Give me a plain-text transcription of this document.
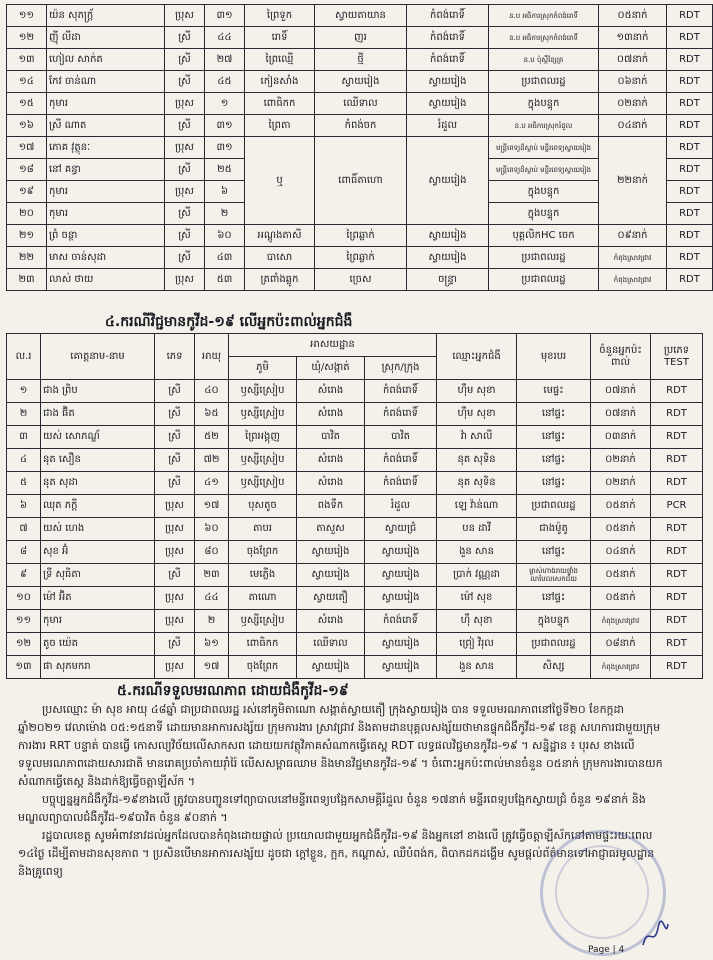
១១	យ៉ន សុភក្ត្រ័	ប្រុស	៣១	ព្រៃទួក	ស្វាយតាយាន	កំពង់រោទិ៍	ន.ប អធិការស្រុកកំពង់រោទិ៍	០៥នាក់	RDT
១២	ញ៉ី លីដា	ស្រី	៤៤	រោទិ៍	ញរ	កំពង់រោទិ៍	ន.ប អធិការស្រុកកំពង់រោទិ៍	១៣នាក់	RDT
១៣	ហៀល សាក់ត	ស្រី	២៧	ព្រៃឈ្មើ	ថ្មី	កំពង់រោទិ៍	ន.ប ប៉ុស្តិ៍ខ្សែត្រ	០៧នាក់	RDT
១៤	កែវ ចាន់ណា	ស្រី	៤៥	កៀនសាំង	ស្វាយរៀង	ស្វាយរៀង	ប្រជាពលរដ្ឋ	០៦នាក់	RDT
១៥	កុមារ	ប្រុស	១	ពោធិកក	ឈើទាល	ស្វាយរៀង	ក្នុងបន្ទុក	០២នាក់	RDT
១៦	ស្រី ណាត	ស្រី	៣១	ព្រៃតា	កំពង់ចក	រំដួល	ន.ប អធិការស្រុករំដួល	០៤នាក់	RDT
១៧	ភោគ វុត្ថុនៈ	ប្រុស	៣១	ឬ	ពោធិ៍តាហោ	ស្វាយរៀង	មន្ត្រីពេទ្យដ៏ស្លាប់ មន្ទីរពេទ្យស្វាយរៀង	២២នាក់	RDT
១៨	នៅ គន្ធា	ស្រី	២៥				មន្ត្រីពេទ្យដ៏ស្លាប់ មន្ទីរពេទ្យស្វាយរៀង		RDT
១៩	កុមារ	ប្រុស	៦				ក្នុងបន្ទុក		RDT
២០	កុមារ	ស្រី	២				ក្នុងបន្ទុក		RDT
២១	ព្រំ ចន្ថា	ស្រី	៦០	អណ្តូងតាសី	ព្រៃឆ្លាក់	ស្វាយរៀង	បុគ្គលិកHC ចេក	០៩នាក់	RDT
២២	មាស ចាន់សុដា	ស្រី	៤៣	បាសោ	ព្រៃឆ្លាក់	ស្វាយរៀង	ប្រជាពលរដ្ឋ	កំពុងស្រាវជ្រាវ	RDT
២៣	លាស់ ថាយ	ប្រុស	៥៣	ត្រពាំងឆ្លូក	ច្រេស	ចន្ទ្រា	ប្រជាពលរដ្ឋ	កំពុងស្រាវជ្រាវ	RDT
៤.ករណីវិជ្ជមានកូវីដ-១៩ លើអ្នកប៉ះពាល់អ្នកជំងឺ
ល.រ	គោត្តនាម-នាម	ភេទ	អាយុ	អាសយដ្ឋាន			ឈ្មោះអ្នកជំងឺ	មុខរបរ	ចំនួនអ្នកប៉ះពាល់	ប្រភេទ TEST
				ភូមិ	ឃុំ/សង្កាត់	ស្រុក/ក្រុង				
១	ជាង ព្រិប	ស្រី	៤០	ឫស្សីស្រៀប	សំរោង	កំពង់រោទិ៍	ហ៊ឹម សុខា	មេផ្ទះ	០៧នាក់	RDT
២	ជាង ផ៊ិត	ស្រី	៦៥	ឫស្សីស្រៀប	សំរោង	កំពង់រោទិ៍	ហ៊ឹម សុខា	នៅផ្ទះ	០៧នាក់	RDT
៣	យស់ សោភណ្ឌ័	ស្រី	៥២	ព្រៃអង្គុញ	បាវិត	បាវិត	វ៉ា សាលី	នៅផ្ទះ	០៣នាក់	RDT
៤	នុត សឿន	ស្រី	៧២	ឫស្សីស្រៀប	សំរោង	កំពង់រោទិ៍	នុត សុទិន	នៅផ្ទះ	០២នាក់	RDT
៥	នុត សុដា	ស្រី	៤១	ឫស្សីស្រៀប	សំរោង	កំពង់រោទិ៍	នុត សុទិន	នៅផ្ទះ	០២នាក់	RDT
៦	ឈុត ភក្ដី	ប្រុស	១៧	បុសតូច	ពងទឹក	រំដួល	ឡេ វ៉ាន់ណា	ប្រជាពលរដ្ឋ	០៥នាក់	PCR
៧	យស់ ហេង	ប្រុស	៦០	តាបរ	តាសួស	ស្វាយជ្រំ	បន ដាវី	ជាងម៉ូតូ	០៥នាក់	RDT
៨	សុខ អ៊ំ	ប្រុស	៨០	ចុងព្រែក	ស្វាយរៀង	ស្វាយរៀង	ងួន សាន	នៅផ្ទះ	០៤នាក់	RDT
៩	ទ្រី សុធិតា	ស្រី	២៣	មេភ្លើង	ស្វាយរៀង	ស្វាយរៀង	ប្រាក់ វណ្ណដា	ម្ចាស់ហាងរាយផ្ទាំង លាបែលសេកជ័យ	០៥នាក់	RDT
១០	ម៉ៅ អ៊ិត	ប្រុស	៤៤	តាណោ	ស្វាយតឿ	ស្វាយរៀង	ម៉ៅ សុខ	នៅផ្ទះ	០៥នាក់	RDT
១១	កុមារ	ប្រុស	២	ឫស្សីស្រៀប	សំរោង	កំពង់រោទិ៍	ហ៊ឹ សុខា	ក្នុងបន្ទុក	កំពុងស្រាវជ្រាវ	RDT
១២	តូច យ៉េត	ស្រី	៦១	ពោធិកក	ឈើទាល	ស្វាយរៀង	ព្រៀ វិរុល	ប្រជាពលរដ្ឋ	០៨នាក់	RDT
១៣	ផា សុភមករា	ប្រុស	១៧	ចុងព្រែក	ស្វាយរៀង	ស្វាយរៀង	ងួន សាន	សិស្ស	កំពុងស្រាវជ្រាវ	RDT
៥.ករណីទទួលមរណភាព ដោយជំងឺកូវីដ-១៩

ប្រសឈ្មោះ ម៉ា សុខ អាយុ ៤៨ឆ្នាំ ជាប្រជាពលរដ្ឋ រស់នៅភូមិតាណោ សង្កាត់ស្វាយតឿ ក្រុងស្វាយរៀង បាន ទទួលមរណភាពនៅថ្ងៃទី២០ ខែកក្កដា ឆ្នាំ២០២១ វេលាម៉ោង ០៥:១៥នាទី ដោយមានអាការសង្ស័យ ក្រុមការងារ ស្រាវជ្រាវ និងតាមដានបុគ្គលសង្ស័យថាមានផ្ទុកជំងឺកូវីដ-១៩ ខេត្ត សហការជាមួយក្រុមការងារ RRT បន្ទាត់ បានធ្វើ កោសល្យវិច័យលើសាកសព ដោយយកវត្ថុវិភាគសំណាកធ្វើតេស្ដ RDT លទ្ធផលវិជ្ជមានកូវីដ-១៩ ។ សន្និដ្ឋាន ៖ បុរស ខាងលើទទួលមរណភាពដោយសារជាតិ មានរោគប្រចាំកាយរ៉ាំរ៉ៃ លើសសម្ពាធឈាម និងមានវិជ្ជមានកូវីដ-១៩ ។ ចំពោះអ្នកប៉ះពាល់មានចំនួន ០៥នាក់ ក្រុមការងារបានយកសំណាកធ្វើតេស្ដ និងដាក់ឱ្យធ្វើចត្តាឡីស័ក ។

បច្ចុប្បន្នអ្នកជំងឺកូវីដ-១៩ខាងលើ ត្រូវបានបញ្ជូនទៅព្យាបាលនៅមន្ទីរពេទ្យបង្អែកសាមគ្គីរំដួល ចំនួន ១៧នាក់ មន្ទីរពេទ្យបង្អែកស្វាយជ្រំ ចំនួន ១៩នាក់ និងមណ្ឌលព្យាបាលជំងឺកូវីដ-១៩បាវិត ចំនួន ៩០នាក់ ។

រដ្ឋបាលខេត្ត សូមអំពាវនាវដល់អ្នកដែលបានកំពុងដោយផ្ទាល់ ប្រយោលជាមួយអ្នកជំងឺកូវីដ-១៩ និងអ្នកនៅ ខាងលើ ត្រូវធ្វើចត្តាឡីស័កនៅតាមផ្ទះរយៈពេល ១៤ថ្ងៃ ដើម្បីតាមដានសុខភាព ។ ប្រសិនបើមានអាការសង្ស័យ ដូចជា ក្ដៅខ្លួន, ក្អក, កណ្ដាស់, ឈឺបំពង់ក, ពិបាកដកដង្ហើម សូមផ្ដល់ព័ត៌មានទៅអាជ្ញាធរមូលដ្ឋាន និងគ្រូពេទ្យ

Page | 4
